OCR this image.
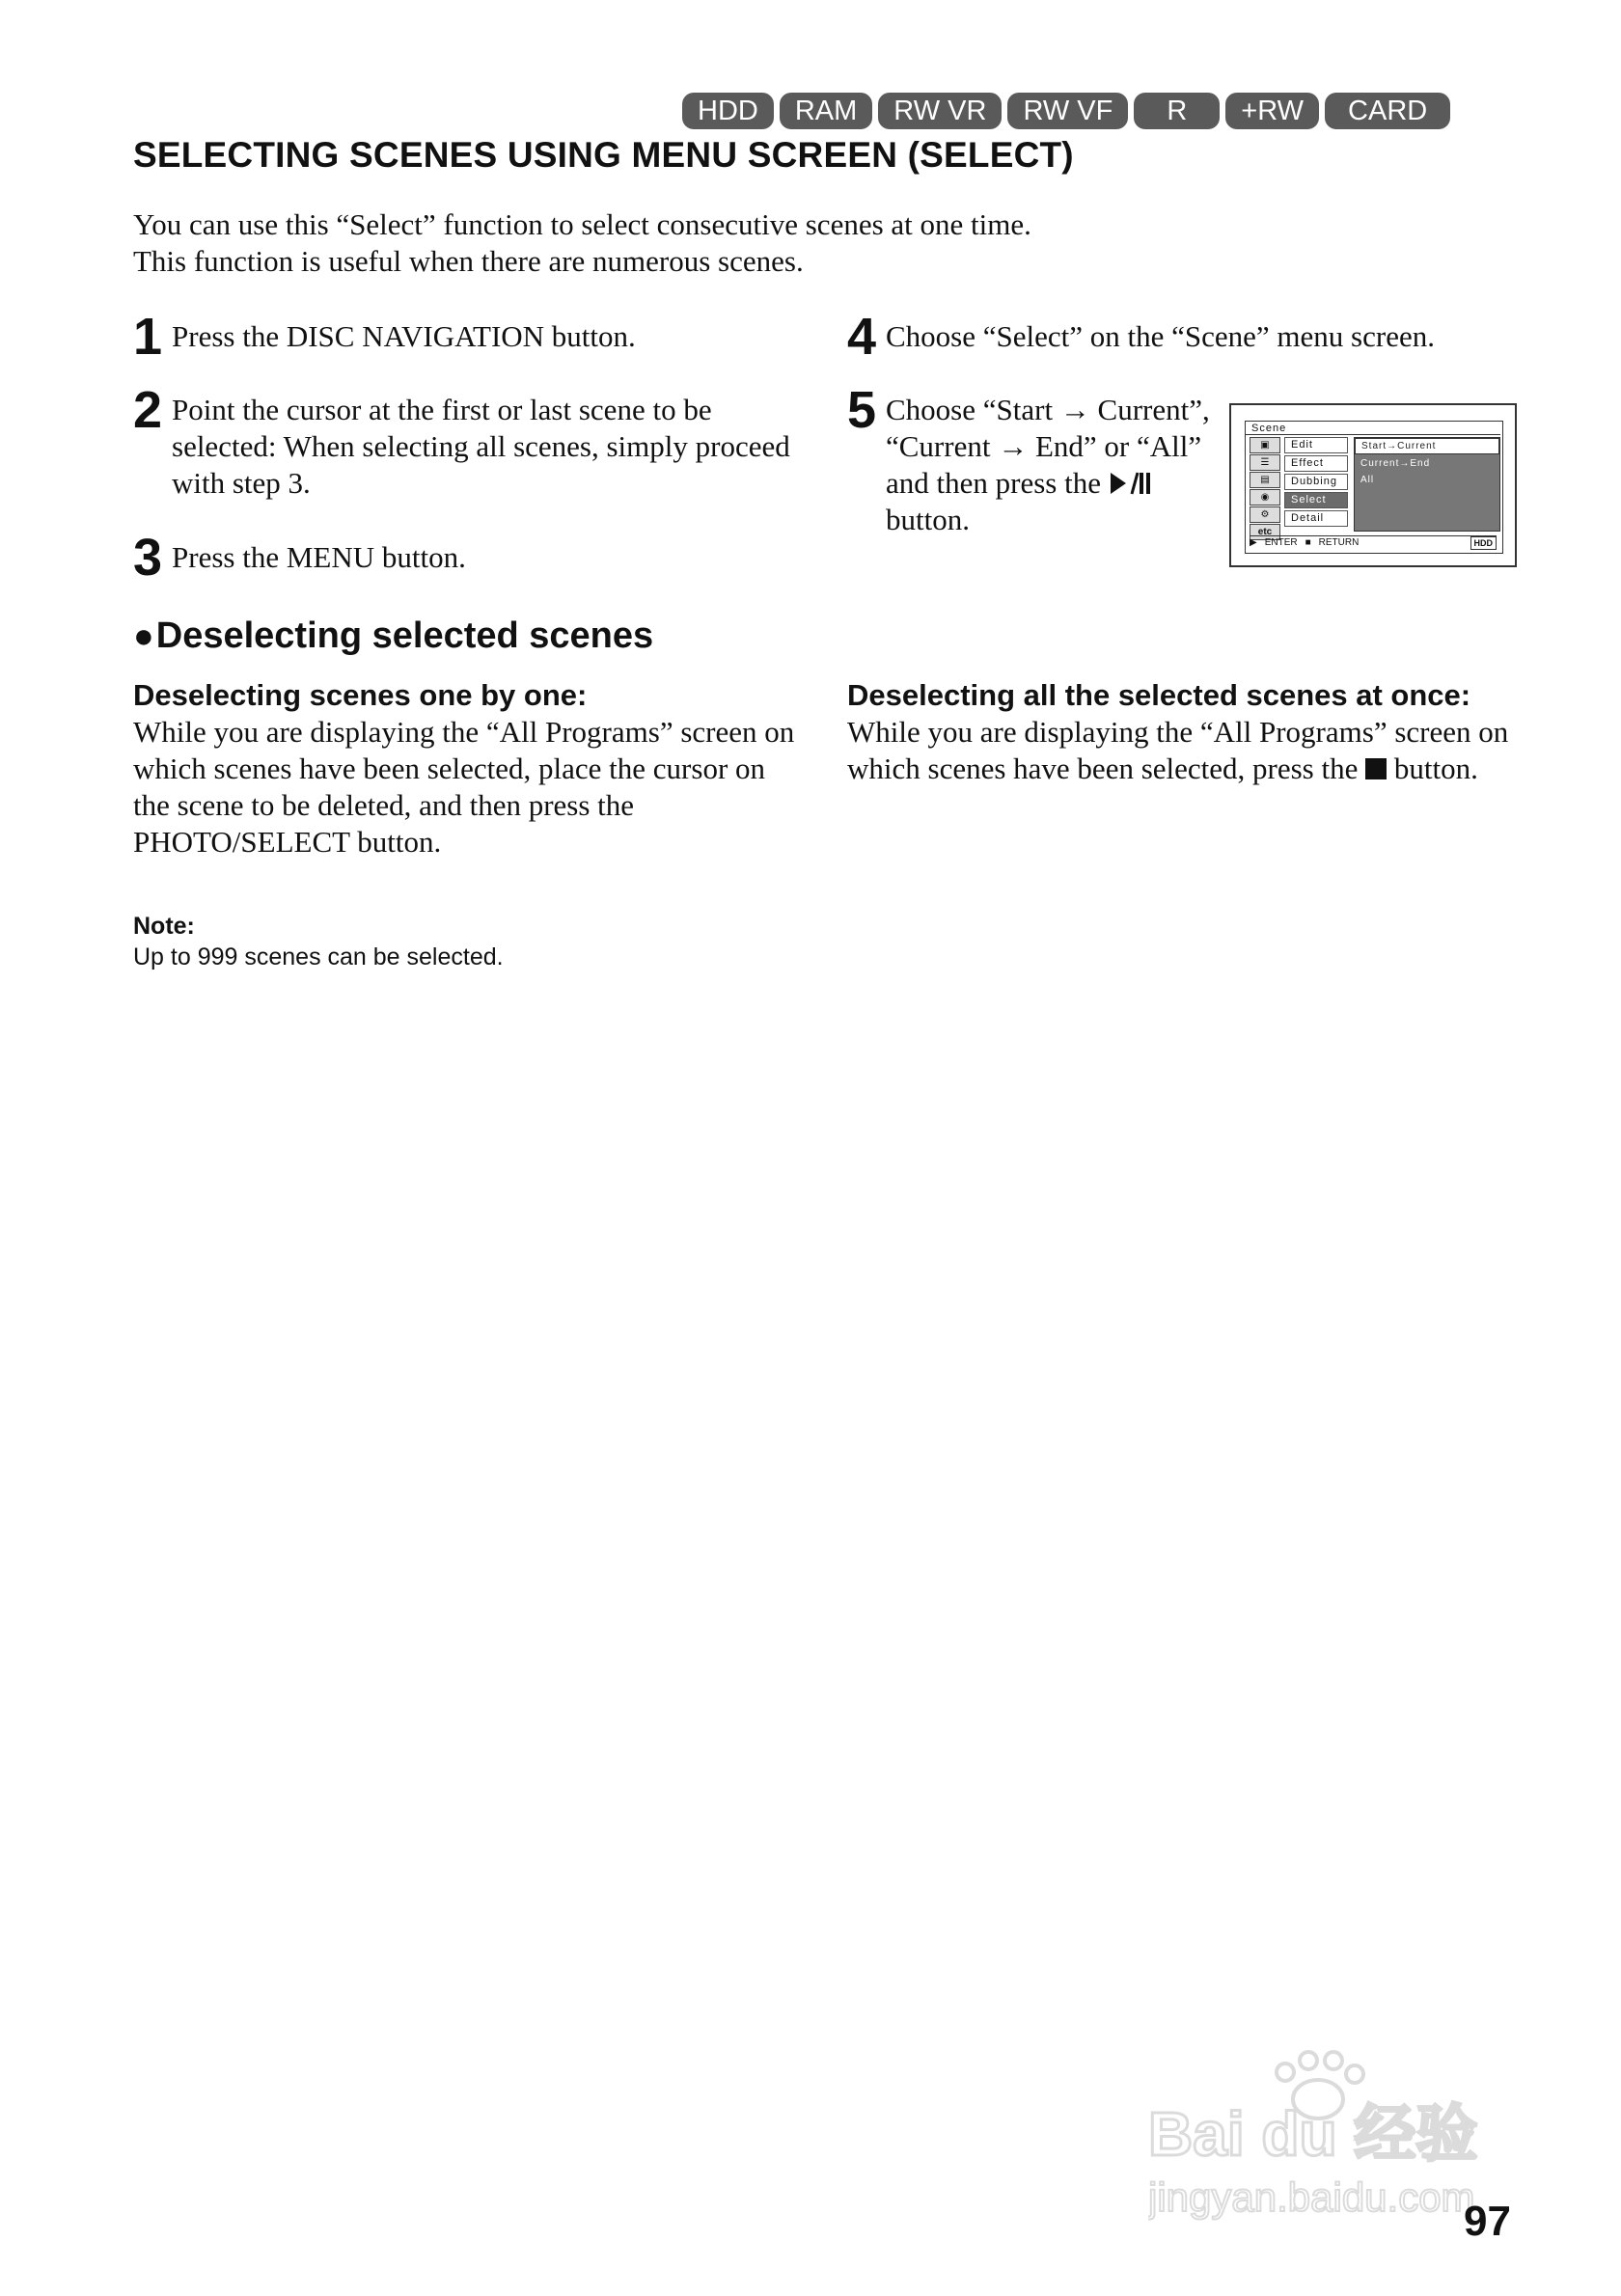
HDD	RAM	RW VR	RW VF	R	+RW	CARD
SELECTING SCENES USING MENU SCREEN (SELECT)
You can use this “Select” function to select consecutive scenes at one time.
This function is useful when there are numerous scenes.
1 Press the DISC NAVIGATION button.
2 Point the cursor at the first or last scene to be selected: When selecting all scenes, simply proceed with step 3.
3 Press the MENU button.
4 Choose “Select” on the “Scene” menu screen.
5 Choose “Start → Current”, “Current → End” or “All” and then press the  button.
Scene
▣
☰
▤
◉
⚙
etc
Edit
Effect
Dubbing
Select
Detail
Start→Current
Current→End
All
▶ ENTER ■ RETURN	HDD
●Deselecting selected scenes
Deselecting scenes one by one:
While you are displaying the “All Programs” screen on which scenes have been selected, place the cursor on the scene to be deleted, and then press the PHOTO/SELECT button.
Deselecting all the selected scenes at once:
While you are displaying the “All Programs” screen on which scenes have been selected, press the button.
Note:
Up to 999 scenes can be selected.
Bai du 经验
jingyan.baidu.com
97
